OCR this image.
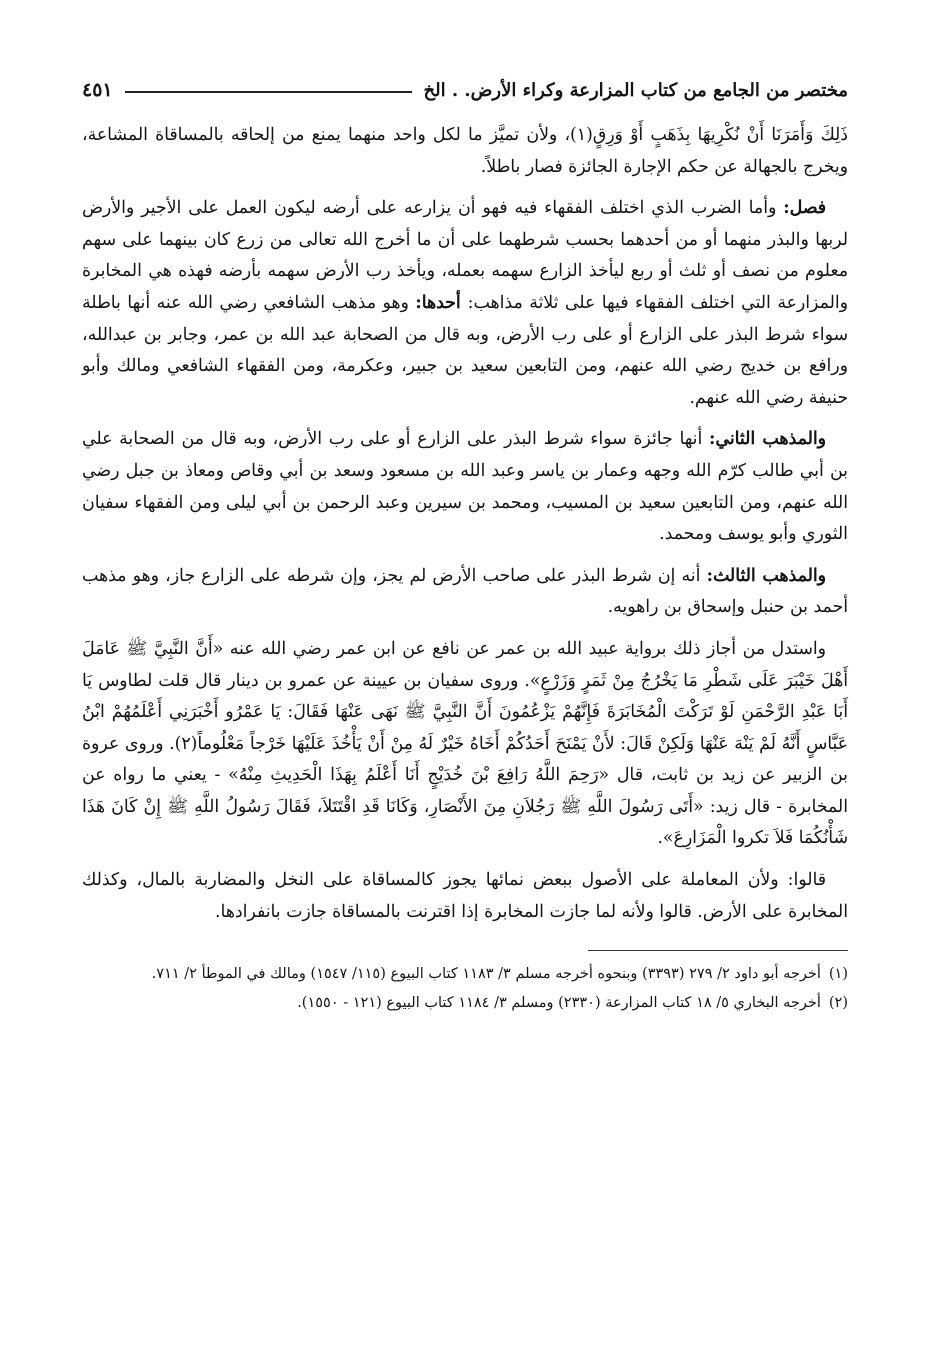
مختصر من الجامع من كتاب المزارعة وكراء الأرض. . الخ
٤٥١

ذَلِكَ وَأَمَرَنَا أَنْ نُكْرِيهَا بِذَهَبٍ أَوْ وَرِقٍ(١)، ولأن تميَّز ما لكل واحد منهما يمنع من إلحاقه بالمساقاة المشاعة، ويخرج بالجهالة عن حكم الإجارة الجائزة فصار باطلاً.

فصل: وأما الضرب الذي اختلف الفقهاء فيه فهو أن يزارعه على أرضه ليكون العمل على الأجير والأرض لربها والبذر منهما أو من أحدهما بحسب شرطهما على أن ما أخرج الله تعالى من زرع كان بينهما على سهم معلوم من نصف أو ثلث أو ربع ليأخذ الزارع سهمه بعمله، ويأخذ رب الأرض سهمه بأرضه فهذه هي المخابرة والمزارعة التي اختلف الفقهاء فيها على ثلاثة مذاهب: أحدها: وهو مذهب الشافعي رضي الله عنه أنها باطلة سواء شرط البذر على الزارع أو على رب الأرض، وبه قال من الصحابة عبد الله بن عمر، وجابر بن عبدالله، ورافع بن خديج رضي الله عنهم، ومن التابعين سعيد بن جبير، وعكرمة، ومن الفقهاء الشافعي ومالك وأبو حنيفة رضي الله عنهم.

والمذهب الثاني: أنها جائزة سواء شرط البذر على الزارع أو على رب الأرض، وبه قال من الصحابة علي بن أبي طالب كرّم الله وجهه وعمار بن ياسر وعبد الله بن مسعود وسعد بن أبي وقاص ومعاذ بن جبل رضي الله عنهم، ومن التابعين سعيد بن المسيب، ومحمد بن سيرين وعبد الرحمن بن أبي ليلى ومن الفقهاء سفيان الثوري وأبو يوسف ومحمد.

والمذهب الثالث: أنه إن شرط البذر على صاحب الأرض لم يجز، وإن شرطه على الزارع جاز، وهو مذهب أحمد بن حنبل وإسحاق بن راهويه.

واستدل من أجاز ذلك برواية عبيد الله بن عمر عن نافع عن ابن عمر رضي الله عنه «أَنَّ النَّبِيَّ ﷺ عَامَلَ أَهْلَ خَيْبَرَ عَلَى شَطْرِ مَا يَخْرُجُ مِنْ ثَمَرٍ وَزَرْعٍ». وروى سفيان بن عيينة عن عمرو بن دينار قال قلت لطاوس يَا أَبَا عَبْدِ الرَّحْمَنِ لَوْ تَرَكْتَ الْمُخَابَرَةَ فَإِنَّهُمْ يَزْعُمُونَ أَنَّ النَّبِيَّ ﷺ نَهَى عَنْهَا فَقَالَ: يَا عَمْرُو أَخْبَرَنِي أَعْلَمُهُمْ ابْنُ عَبَّاسٍ أَنَّهُ لَمْ يَنْهَ عَنْهَا وَلَكِنْ قَالَ: لأَنْ يَمْنَحَ أَحَدُكُمْ أَخَاهُ خَيْرٌ لَهُ مِنْ أَنْ يَأْخُذَ عَلَيْهَا خَرْجاً مَعْلُوماً(٢). وروى عروة بن الزبير عن زيد بن ثابت، قال «رَحِمَ اللَّهُ رَافِعَ بْنَ خُدَيْجٍ أَنَا أَعْلَمُ بِهَذَا الْحَدِيثِ مِنْهُ» - يعني ما رواه عن المخابرة - قال زيد: «أَتَى رَسُولَ اللَّهِ ﷺ رَجُلاَنِ مِنَ الأَنْصَارِ، وَكَانَا قَدِ اقْتَتَلاَ، فَقَالَ رَسُولُ اللَّهِ ﷺ إِنْ كَانَ هَذَا شَأْنُكُمَا فَلاَ تكروا الْمَزَارِعَ».

قالوا: ولأن المعاملة على الأصول ببعض نمائها يجوز كالمساقاة على النخل والمضاربة بالمال، وكذلك المخابرة على الأرض. قالوا ولأنه لما جازت المخابرة إذا اقترنت بالمساقاة جازت بانفرادها.

(١)
أخرجه أبو داود ٢/ ٢٧٩ (٣٣٩٣) وبنحوه أخرجه مسلم ٣/ ١١٨٣ كتاب البيوع (١١٥/ ١٥٤٧) ومالك في الموطأ ٢/ ٧١١.
(٢)
أخرجه البخاري ٥/ ١٨ كتاب المزارعة (٢٣٣٠) ومسلم ٣/ ١١٨٤ كتاب البيوع (١٢١ - ١٥٥٠).
